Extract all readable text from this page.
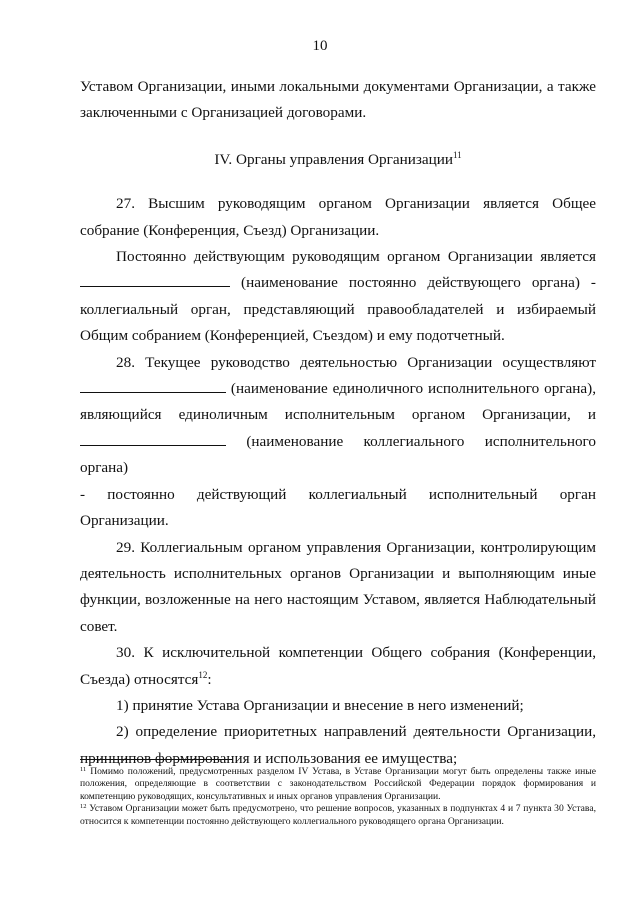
10

Уставом Организации, иными локальными документами Организации, а также заключенными с Организацией договорами.

IV. Органы управления Организации$^{11}$

27. Высшим руководящим органом Организации является Общее собрание (Конференция, Съезд) Организации.

Постоянно действующим руководящим органом Организации является

(наименование постоянно действующего органа) -

коллегиальный орган, представляющий правообладателей и избираемый Общим собранием (Конференцией, Съездом) и ему подотчетный.

28. Текущее руководство деятельностью Организации осуществляют

(наименование единоличного исполнительного органа),

являющийся единоличным исполнительным органом Организации, и

(наименование коллегиального исполнительного органа)

- постоянно действующий коллегиальный исполнительный орган Организации.

29. Коллегиальным органом управления Организации, контролирующим деятельность исполнительных органов Организации и выполняющим иные функции, возложенные на него настоящим Уставом, является Наблюдательный совет.

30. К исключительной компетенции Общего собрания (Конференции, Съезда) относятся$^{12}$:

1) принятие Устава Организации и внесение в него изменений;

2) определение приоритетных направлений деятельности Организации, принципов формирования и использования ее имущества;

$^{11}$ Помимо положений, предусмотренных разделом IV Устава, в Уставе Организации могут быть определены также иные положения, определяющие в соответствии с законодательством Российской Федерации порядок формирования и компетенцию руководящих, консультативных и иных органов управления Организации.

$^{12}$ Уставом Организации может быть предусмотрено, что решение вопросов, указанных в подпунктах 4 и 7 пункта 30 Устава, относится к компетенции постоянно действующего коллегиального руководящего органа Организации.
